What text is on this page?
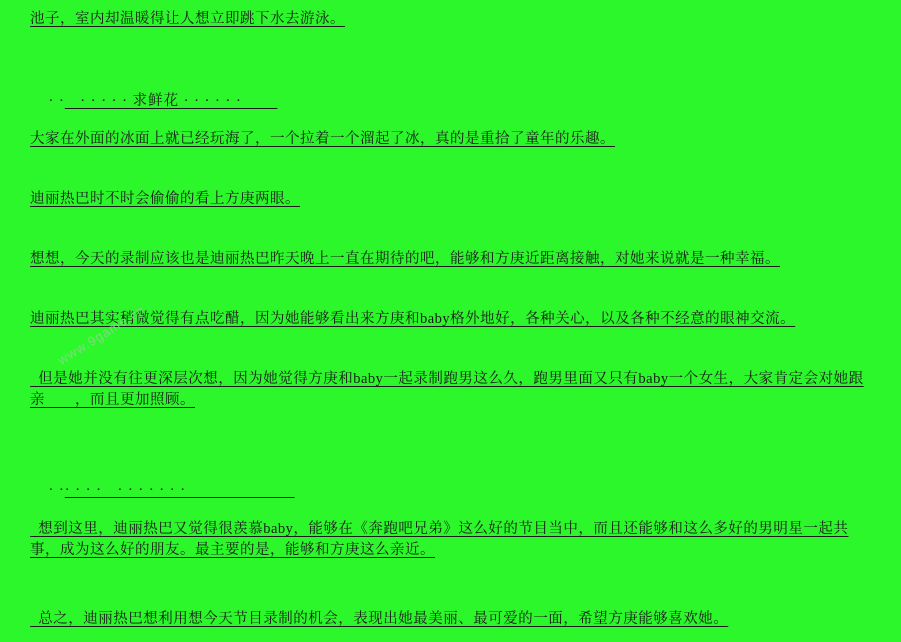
池子，室内却温暖得让人想立即跳下水去游泳。

· ·　· · · · · 求鲜花 · · · · · · 　　

大家在外面的冰面上就已经玩海了，一个拉着一个溜起了冰，真的是重拾了童年的乐趣。
迪丽热巴时不时会偷偷的看上方庚两眼。
想想，今天的录制应该也是迪丽热巴昨天晚上一直在期待的吧，能够和方庚近距离接触，对她来说就是一种幸福。
迪丽热巴其实稍微觉得有点吃醋，因为她能够看出来方庚和baby格外地好，各种关心，以及各种不经意的眼神交流。
但是她并没有往更深层次想，因为她觉得方庚和baby一起录制跑男这么久，跑男里面又只有baby一个女生，大家肯定会对她跟亲　　，而且更加照顾。

· ·· · · ·　· · · · · · ·　　　　　　　

想到这里，迪丽热巴又觉得很羡慕baby，能够在《奔跑吧兄弟》这么好的节目当中，而且还能够和这么多好的男明星一起共事，成为这么好的朋友。最主要的是，能够和方庚这么亲近。
总之，迪丽热巴想利用想今天节目录制的机会，表现出她最美丽、最可爱的一面，希望方庚能够喜欢她。
www.9game.cn
